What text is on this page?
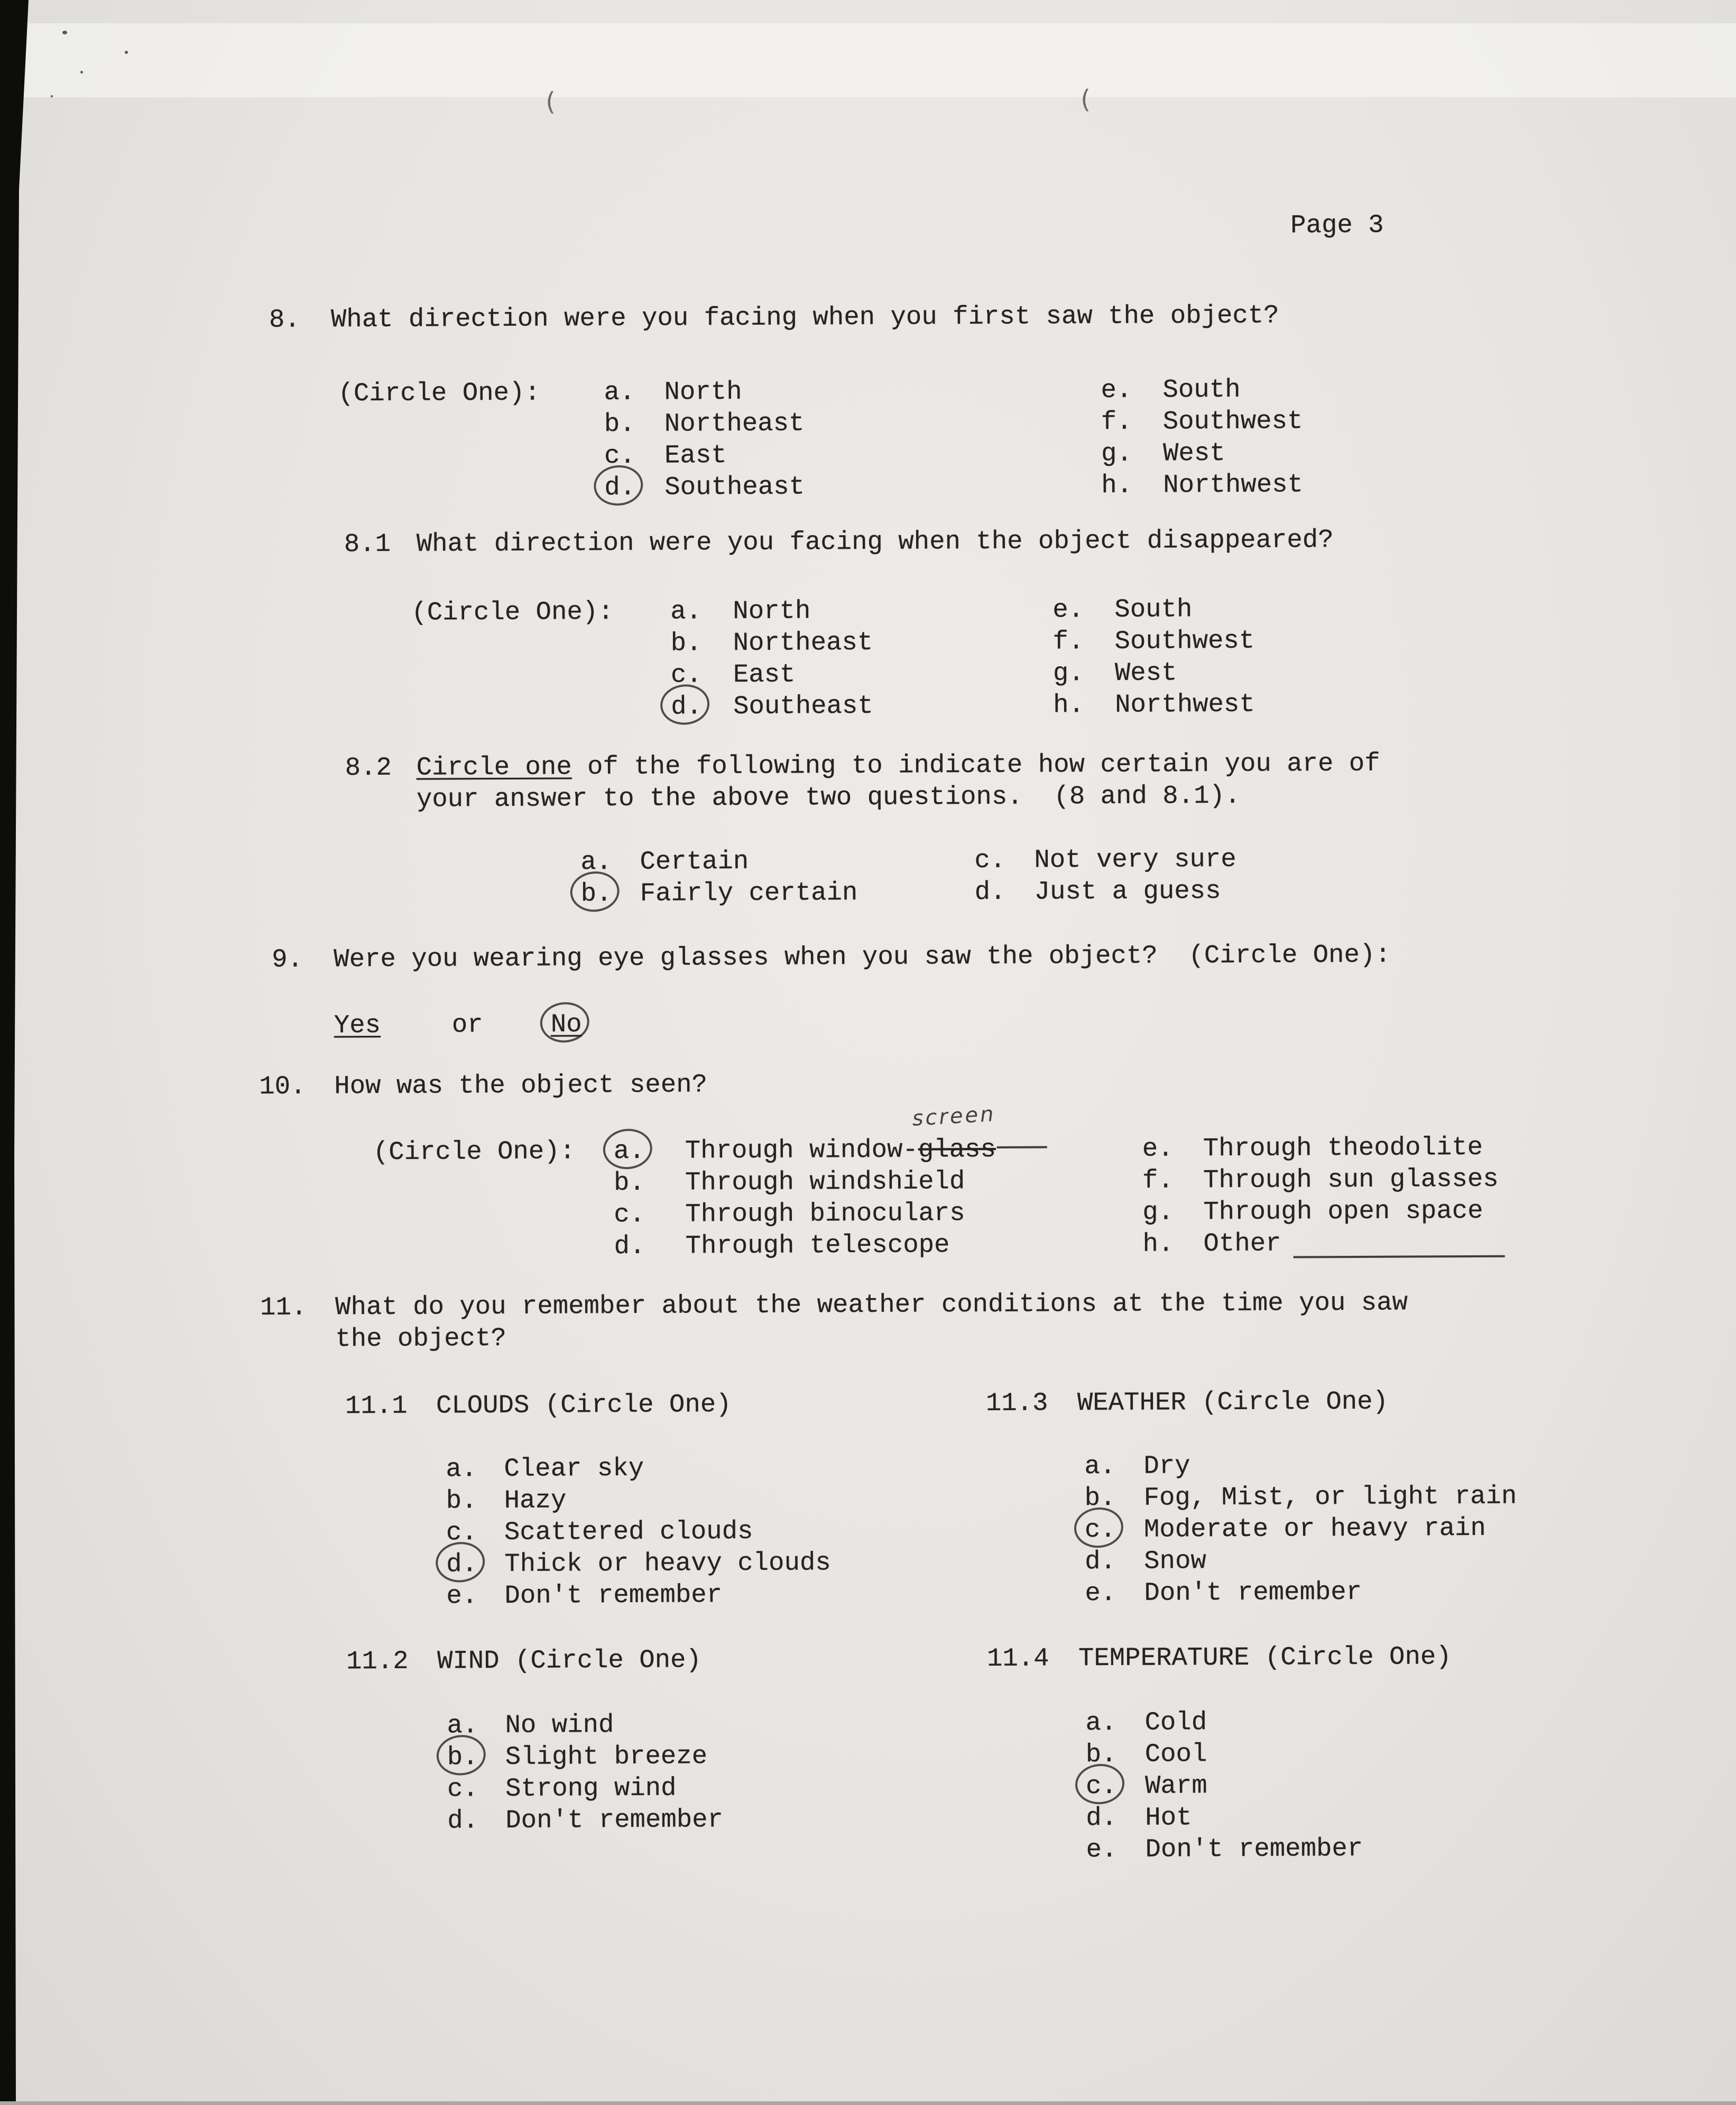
(	(
Page 3
8. What direction were you facing when you first saw the object?
(Circle One): a. North	e. South
b. Northeast	f. Southwest
c. East	g. West
d. Southeast	h. Northwest
8.1 What direction were you facing when the object disappeared?
(Circle One): a. North	e. South
b. Northeast	f. Southwest
c. East	g. West
d. Southeast	h. Northwest
8.2 Circle one of the following to indicate how certain you are of
your answer to the above two questions.  (8 and 8.1).
a. Certain	c. Not very sure
b. Fairly certain	d. Just a guess
9. Were you wearing eye glasses when you saw the object?  (Circle One):
Yes	or	No
10. How was the object seen?
screen
(Circle One): a. Through window-glass	e. Through theodolite
b. Through windshield	f. Through sun glasses
c. Through binoculars	g. Through open space
d. Through telescope	h. Other
11. What do you remember about the weather conditions at the time you saw
the object?
11.1 CLOUDS (Circle One)	11.3 WEATHER (Circle One)
a. Clear sky	a. Dry
b. Hazy	b. Fog, Mist, or light rain
c. Scattered clouds	c. Moderate or heavy rain
d. Thick or heavy clouds	d. Snow
e. Don't remember	e. Don't remember
11.2 WIND (Circle One)	11.4 TEMPERATURE (Circle One)
a. No wind	a. Cold
b. Slight breeze	b. Cool
c. Strong wind	c. Warm
d. Don't remember	d. Hot
e. Don't remember
